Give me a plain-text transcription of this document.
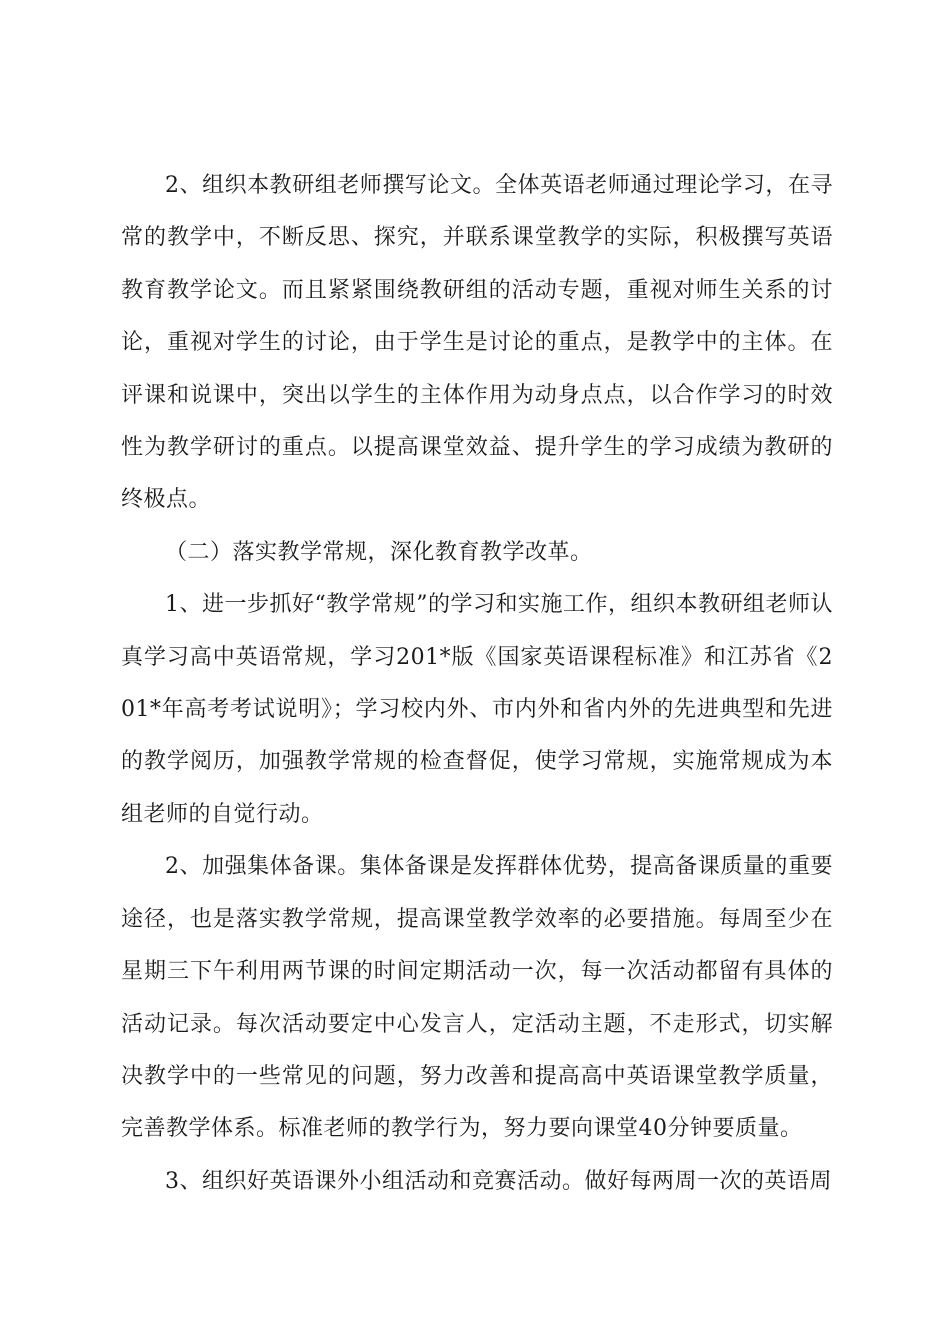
2、组织本教研组老师撰写论文。全体英语老师通过理论学习，在寻常的教学中，不断反思、探究，并联系课堂教学的实际，积极撰写英语教育教学论文。而且紧紧围绕教研组的活动专题，重视对师生关系的讨论，重视对学生的讨论，由于学生是讨论的重点，是教学中的主体。在评课和说课中，突出以学生的主体作用为动身点点，以合作学习的时效性为教学研讨的重点。以提高课堂效益、提升学生的学习成绩为教研的终极点。

（二）落实教学常规，深化教育教学改革。

1、进一步抓好“教学常规”的学习和实施工作，组织本教研组老师认真学习高中英语常规，学习201*版《国家英语课程标准》和江苏省《201*年高考考试说明》；学习校内外、市内外和省内外的先进典型和先进的教学阅历，加强教学常规的检查督促，使学习常规，实施常规成为本组老师的自觉行动。

2、加强集体备课。集体备课是发挥群体优势，提高备课质量的重要途径，也是落实教学常规，提高课堂教学效率的必要措施。每周至少在星期三下午利用两节课的时间定期活动一次，每一次活动都留有具体的活动记录。每次活动要定中心发言人，定活动主题，不走形式，切实解决教学中的一些常见的问题，努力改善和提高高中英语课堂教学质量，完善教学体系。标准老师的教学行为，努力要向课堂40分钟要质量。

3、组织好英语课外小组活动和竞赛活动。做好每两周一次的英语周
